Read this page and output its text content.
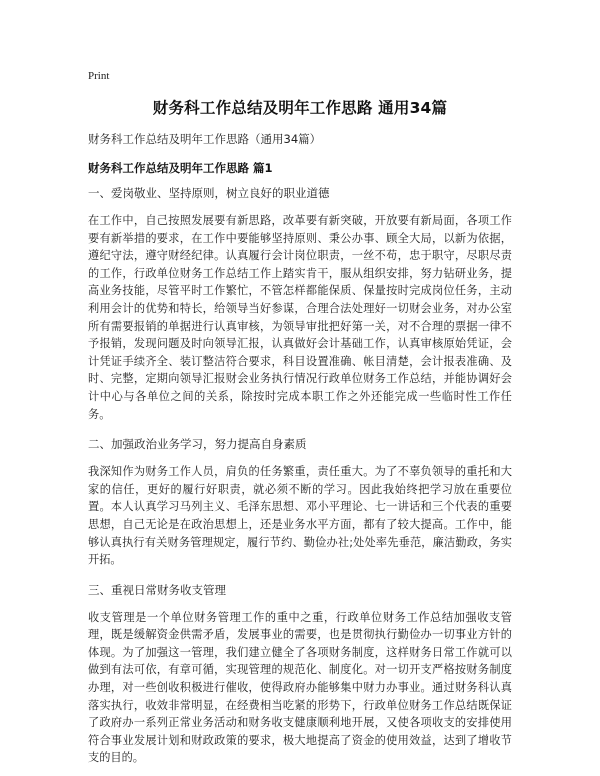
Print
财务科工作总结及明年工作思路 通用34篇
财务科工作总结及明年工作思路（通用34篇）
财务科工作总结及明年工作思路 篇1
一、爱岗敬业、坚持原则，树立良好的职业道德

在工作中，自己按照发展要有新思路，改革要有新突破，开放要有新局面，各项工作要有新举措的要求，在工作中要能够坚持原则、秉公办事、顾全大局，以新为依据，遵纪守法，遵守财经纪律。认真履行会计岗位职责，一丝不苟，忠于职守，尽职尽责的工作，行政单位财务工作总结工作上踏实肯干，服从组织安排，努力钻研业务，提高业务技能，尽管平时工作繁忙，不管怎样都能保质、保量按时完成岗位任务，主动利用会计的优势和特长，给领导当好参谋，合理合法处理好一切财会业务，对办公室所有需要报销的单据进行认真审核，为领导审批把好第一关，对不合理的票据一律不予报销，发现问题及时向领导汇报，认真做好会计基础工作，认真审核原始凭证，会计凭证手续齐全、装订整洁符合要求，科目设置准确、帐目清楚，会计报表准确、及时、完整，定期向领导汇报财会业务执行情况行政单位财务工作总结，并能协调好会计中心与各单位之间的关系，除按时完成本职工作之外还能完成一些临时性工作任务。

二、加强政治业务学习，努力提高自身素质

我深知作为财务工作人员，肩负的任务繁重，责任重大。为了不辜负领导的重托和大家的信任，更好的履行好职责，就必须不断的学习。因此我始终把学习放在重要位置。本人认真学习马列主义、毛泽东思想、邓小平理论、七一讲话和三个代表的重要思想，自己无论是在政治思想上，还是业务水平方面，都有了较大提高。工作中，能够认真执行有关财务管理规定，履行节约、勤俭办社;处处率先垂范，廉洁勤政，务实开拓。

三、重视日常财务收支管理

收支管理是一个单位财务管理工作的重中之重，行政单位财务工作总结加强收支管理，既是缓解资金供需矛盾，发展事业的需要，也是贯彻执行勤俭办一切事业方针的体现。为了加强这一管理，我们建立健全了各项财务制度，这样财务日常工作就可以做到有法可依，有章可循，实现管理的规范化、制度化。对一切开支严格按财务制度办理，对一些创收积极进行催收，使得政府办能够集中财力办事业。通过财务科认真落实执行，收效非常明显，在经费相当吃紧的形势下，行政单位财务工作总结既保证了政府办一系列正常业务活动和财务收支健康顺利地开展，又使各项收支的安排使用符合事业发展计划和财政政策的要求，极大地提高了资金的使用效益，达到了增收节支的目的。
